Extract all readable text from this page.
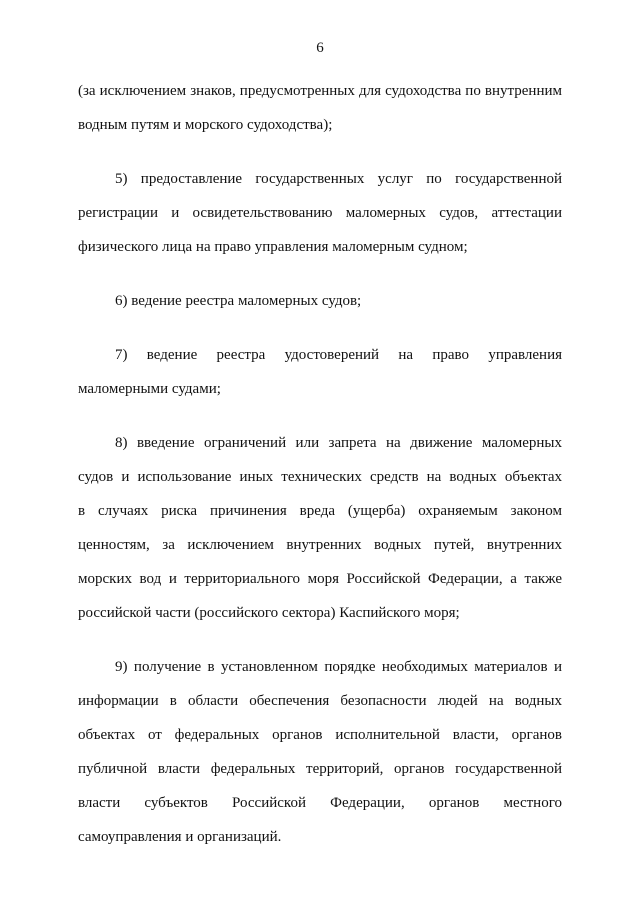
6

(за исключением знаков, предусмотренных для судоходства по внутренним
водным путям и морского судоходства);

5) предоставление государственных услуг по государственной
регистрации и освидетельствованию маломерных судов, аттестации
физического лица на право управления маломерным судном;

6) ведение реестра маломерных судов;

7) ведение реестра удостоверений на право управления
маломерными судами;

8) введение ограничений или запрета на движение маломерных
судов и использование иных технических средств на водных объектах
в случаях риска причинения вреда (ущерба) охраняемым законом
ценностям, за исключением внутренних водных путей, внутренних
морских вод и территориального моря Российской Федерации, а также
российской части (российского сектора) Каспийского моря;

9) получение в установленном порядке необходимых материалов и
информации в области обеспечения безопасности людей на водных
объектах от федеральных органов исполнительной власти, органов
публичной власти федеральных территорий, органов государственной
власти субъектов Российской Федерации, органов местного
самоуправления и организаций.
